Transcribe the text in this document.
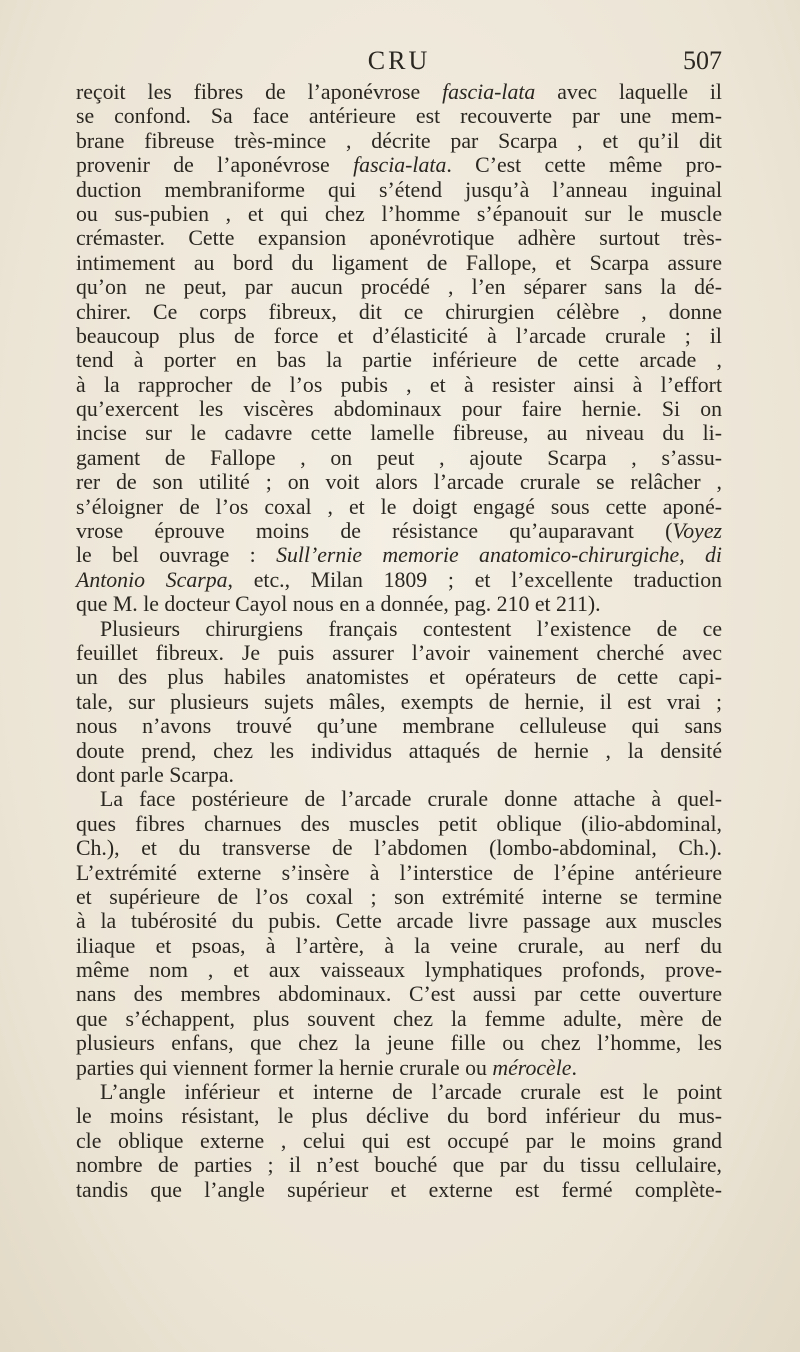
CRU	507
reçoit les fibres de l’aponévrose fascia-lata avec laquelle il
se confond. Sa face antérieure est recouverte par une mem-
brane fibreuse très-mince , décrite par Scarpa , et qu’il dit
provenir de l’aponévrose fascia-lata. C’est cette même pro-
duction membraniforme qui s’étend jusqu’à l’anneau inguinal
ou sus-pubien , et qui chez l’homme s’épanouit sur le muscle
crémaster. Cette expansion aponévrotique adhère surtout très-
intimement au bord du ligament de Fallope, et Scarpa assure
qu’on ne peut, par aucun procédé , l’en séparer sans la dé-
chirer. Ce corps fibreux, dit ce chirurgien célèbre , donne
beaucoup plus de force et d’élasticité à l’arcade crurale ; il
tend à porter en bas la partie inférieure de cette arcade ,
à la rapprocher de l’os pubis , et à resister ainsi à l’effort
qu’exercent les viscères abdominaux pour faire hernie. Si on
incise sur le cadavre cette lamelle fibreuse, au niveau du li-
gament de Fallope , on peut , ajoute Scarpa , s’assu-
rer de son utilité ; on voit alors l’arcade crurale se relâcher ,
s’éloigner de l’os coxal , et le doigt engagé sous cette aponé-
vrose éprouve moins de résistance qu’auparavant (Voyez
le bel ouvrage : Sull’ernie memorie anatomico-chirurgiche, di
Antonio Scarpa, etc., Milan 1809 ; et l’excellente traduction
que M. le docteur Cayol nous en a donnée, pag. 210 et 211).
Plusieurs chirurgiens français contestent l’existence de ce
feuillet fibreux. Je puis assurer l’avoir vainement cherché avec
un des plus habiles anatomistes et opérateurs de cette capi-
tale, sur plusieurs sujets mâles, exempts de hernie, il est vrai ;
nous n’avons trouvé qu’une membrane celluleuse qui sans
doute prend, chez les individus attaqués de hernie , la densité
dont parle Scarpa.
La face postérieure de l’arcade crurale donne attache à quel-
ques fibres charnues des muscles petit oblique (ilio-abdominal,
Ch.), et du transverse de l’abdomen (lombo-abdominal, Ch.).
L’extrémité externe s’insère à l’interstice de l’épine antérieure
et supérieure de l’os coxal ; son extrémité interne se termine
à la tubérosité du pubis. Cette arcade livre passage aux muscles
iliaque et psoas, à l’artère, à la veine crurale, au nerf du
même nom , et aux vaisseaux lymphatiques profonds, prove-
nans des membres abdominaux. C’est aussi par cette ouverture
que s’échappent, plus souvent chez la femme adulte, mère de
plusieurs enfans, que chez la jeune fille ou chez l’homme, les
parties qui viennent former la hernie crurale ou mérocèle.
L’angle inférieur et interne de l’arcade crurale est le point
le moins résistant, le plus déclive du bord inférieur du mus-
cle oblique externe , celui qui est occupé par le moins grand
nombre de parties ; il n’est bouché que par du tissu cellulaire,
tandis que l’angle supérieur et externe est fermé complète-
